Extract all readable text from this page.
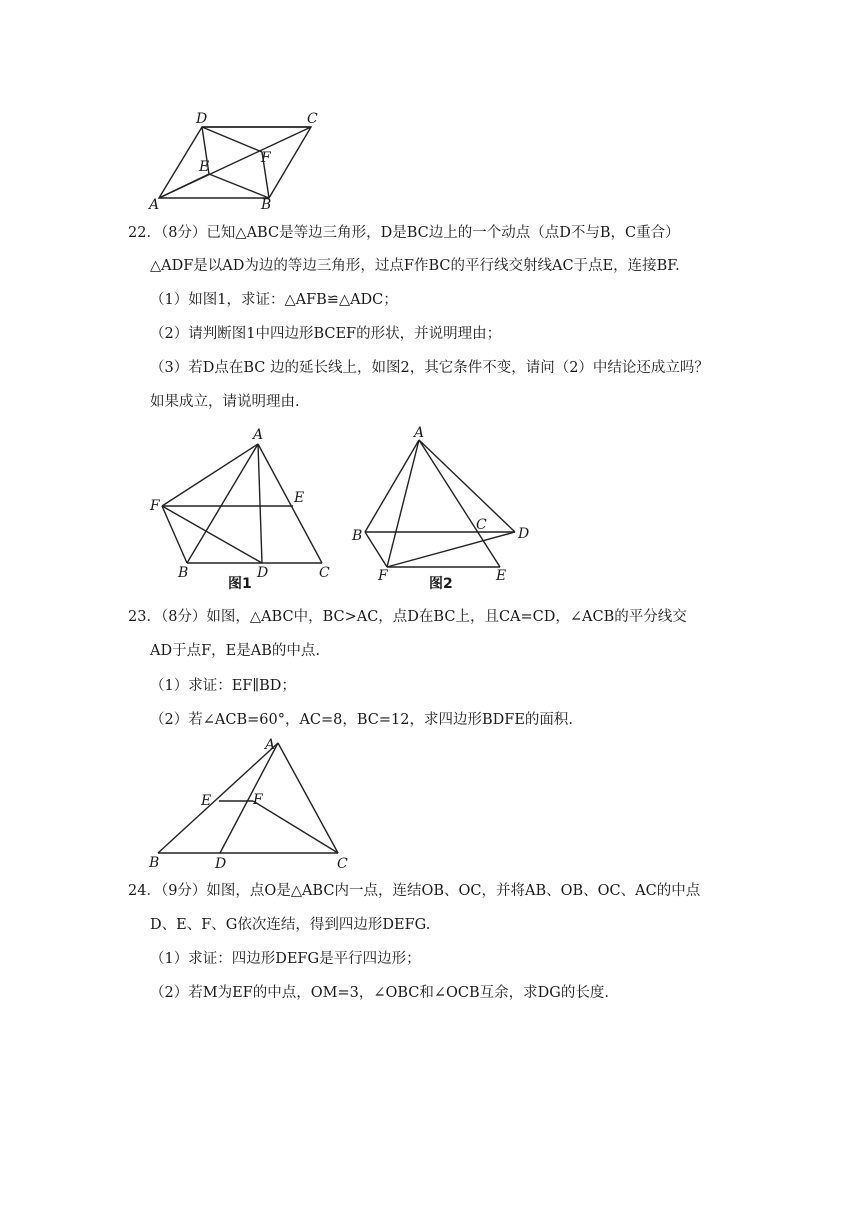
D	C
F
E
A	B
22．（8分）已知△ABC是等边三角形，D是BC边上的一个动点（点D不与B，C重合）
△ADF是以AD为边的等边三角形，过点F作BC的平行线交射线AC于点E，连接BF.
（1）如图1，求证：△AFB≌△ADC；
（2）请判断图1中四边形BCEF的形状，并说明理由；
（3）若D点在BC 边的延长线上，如图2，其它条件不变，请问（2）中结论还成立吗？
如果成立，请说明理由.
A
F	E
B	D	C
图1
A
B
C
D
F	E
图2
23．（8分）如图，△ABC中，BC>AC，点D在BC上，且CA=CD，∠ACB的平分线交
AD于点F，E是AB的中点.
（1）求证：EF∥BD；
（2）若∠ACB=60°，AC=8，BC=12，求四边形BDFE的面积.
A
E	F
B	D	C
24．（9分）如图，点O是△ABC内一点，连结OB、OC，并将AB、OB、OC、AC的中点
D、E、F、G依次连结，得到四边形DEFG.
（1）求证：四边形DEFG是平行四边形；
（2）若M为EF的中点，OM=3，∠OBC和∠OCB互余，求DG的长度.
